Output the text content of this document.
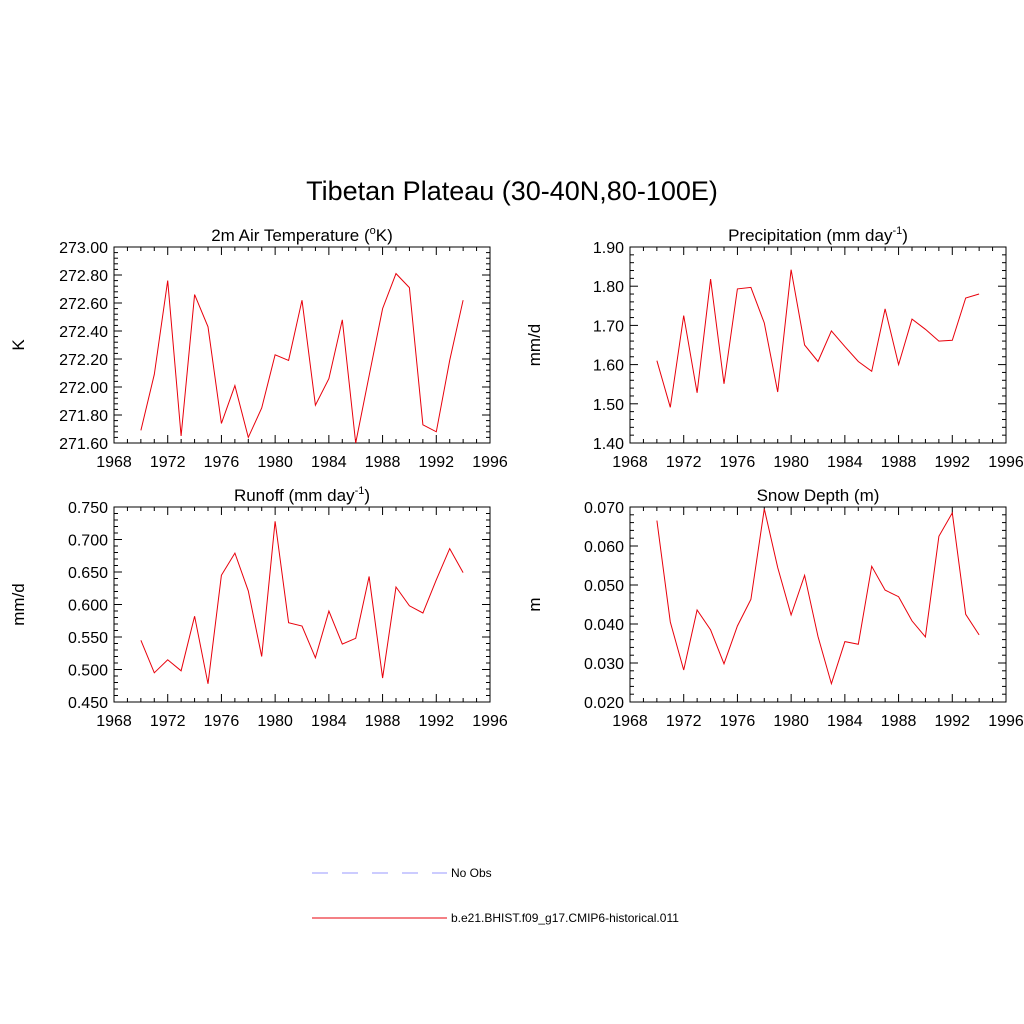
Tibetan Plateau (30-40N,80-100E)
2m Air Temperature ($^o$K)
1968 1972 1976 1980 1984 1988 1992 1996
271.60
271.80
272.00
272.20
272.40
272.60
272.80
273.00
K
Precipitation (mm day$^{-1}$)
1968 1972 1976 1980 1984 1988 1992 1996
1.40
1.50
1.60
1.70
1.80
1.90
mm/d
Runoff (mm day$^{-1}$)
1968 1972 1976 1980 1984 1988 1992 1996
0.450
0.500
0.550
0.600
0.650
0.700
0.750
mm/d
Snow Depth (m)
1968 1972 1976 1980 1984 1988 1992 1996
0.020
0.030
0.040
0.050
0.060
0.070
m
No Obs
b.e21.BHIST.f09_g17.CMIP6-historical.011
